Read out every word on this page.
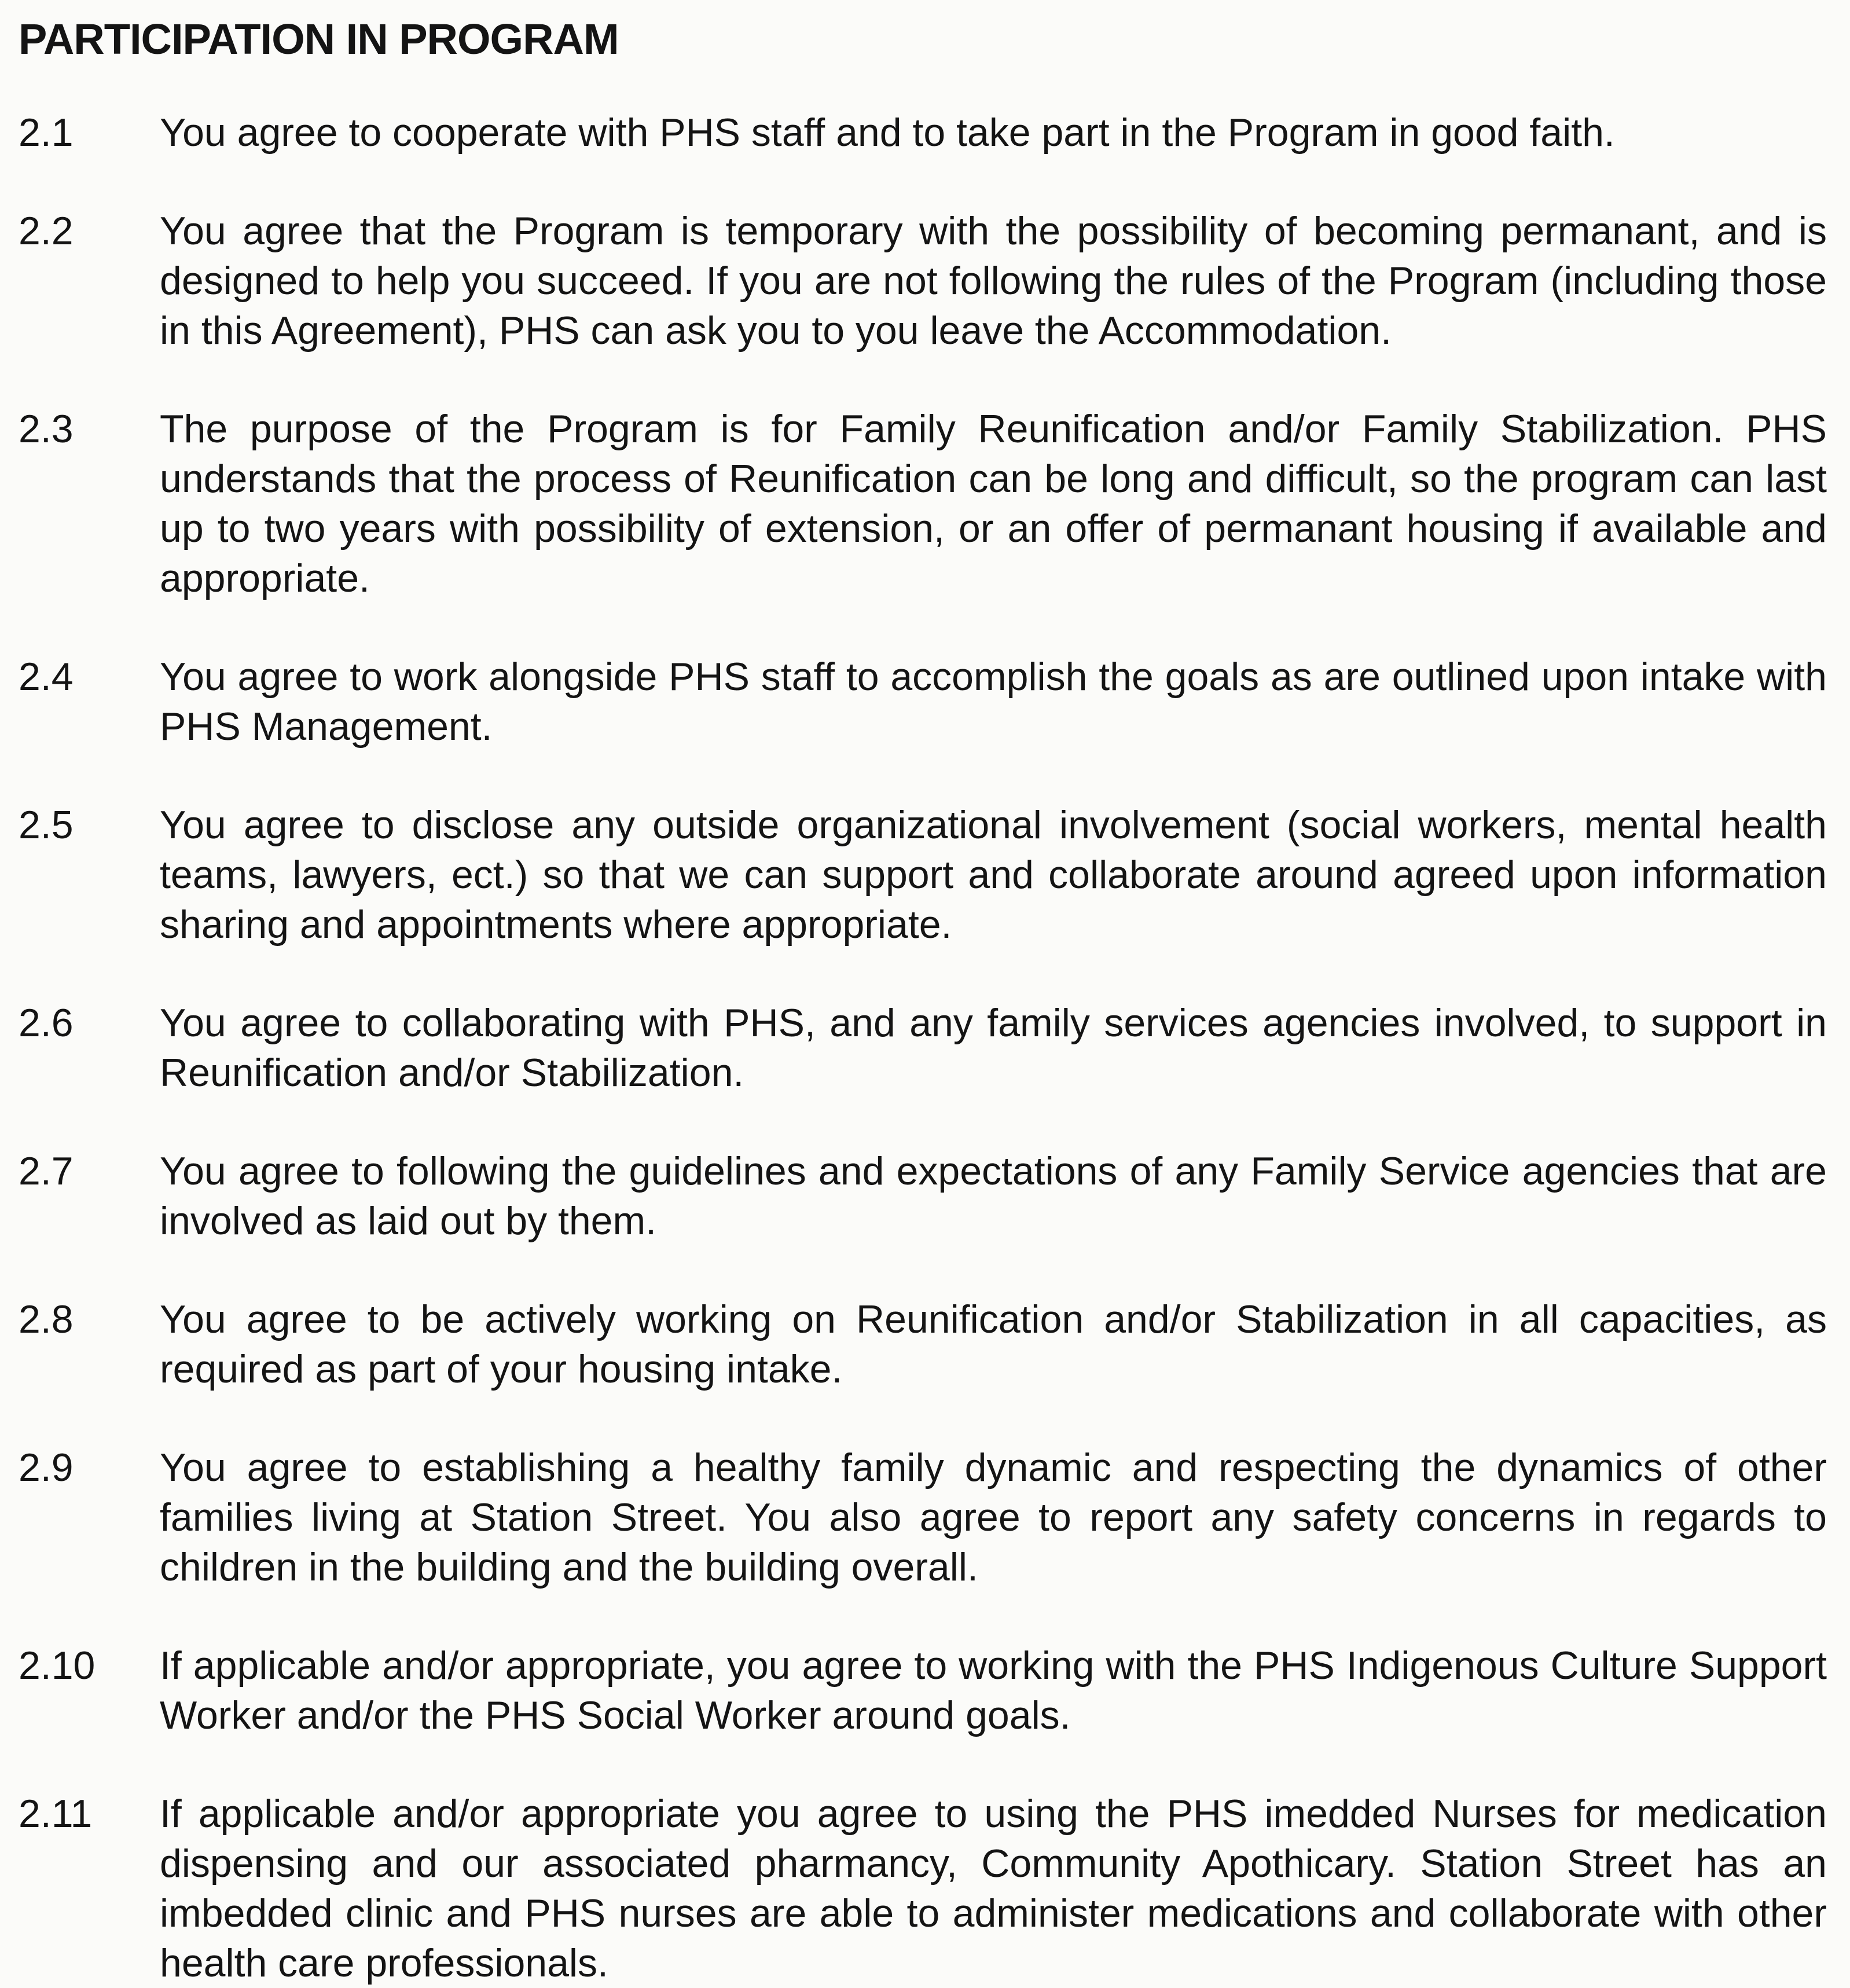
PARTICIPATION IN PROGRAM
2.1	You agree to cooperate with PHS staff and to take part in the Program in good faith.
2.2	You agree that the Program is temporary with the possibility of becoming permanant, and is designed to help you succeed. If you are not following the rules of the Program (including those in this Agreement), PHS can ask you to you leave the Accommodation.
2.3	The purpose of the Program is for Family Reunification and/or Family Stabilization. PHS understands that the process of Reunification can be long and difficult, so the program can last up to two years with possibility of extension, or an offer of permanant housing if available and appropriate.
2.4	You agree to work alongside PHS staff to accomplish the goals as are outlined upon intake with PHS Management.
2.5	You agree to disclose any outside organizational involvement (social workers, mental health teams, lawyers, ect.) so that we can support and collaborate around agreed upon information sharing and appointments where appropriate.
2.6	You agree to collaborating with PHS, and any family services agencies involved, to support in Reunification and/or Stabilization.
2.7	You agree to following the guidelines and expectations of any Family Service agencies that are involved as laid out by them.
2.8	You agree to be actively working on Reunification and/or Stabilization in all capacities, as required as part of your housing intake.
2.9	You agree to establishing a healthy family dynamic and respecting the dynamics of other families living at Station Street. You also agree to report any safety concerns in regards to children in the building and the building overall.
2.10	If applicable and/or appropriate, you agree to working with the PHS Indigenous Culture Support Worker and/or the PHS Social Worker around goals.
2.11	If applicable and/or appropriate you agree to using the PHS imedded Nurses for medication dispensing and our associated pharmancy, Community Apothicary. Station Street has an imbedded clinic and PHS nurses are able to administer medications and collaborate with other health care professionals.
